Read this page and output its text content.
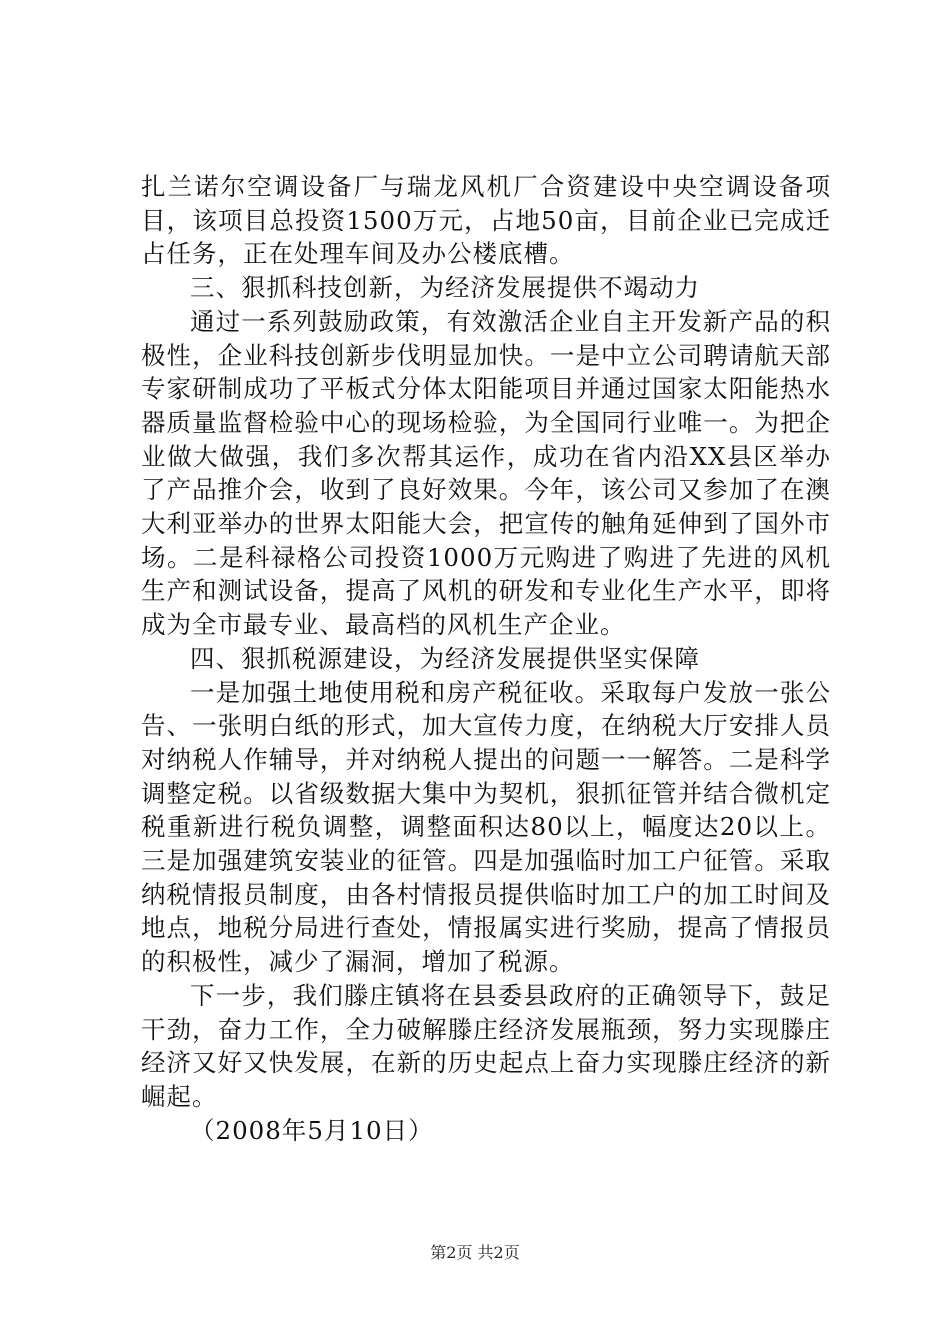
扎兰诺尔空调设备厂与瑞龙风机厂合资建设中央空调设备项目，该项目总投资1500万元，占地50亩，目前企业已完成迁占任务，正在处理车间及办公楼底槽。

三、狠抓科技创新，为经济发展提供不竭动力

通过一系列鼓励政策，有效激活企业自主开发新产品的积极性，企业科技创新步伐明显加快。一是中立公司聘请航天部专家研制成功了平板式分体太阳能项目并通过国家太阳能热水器质量监督检验中心的现场检验，为全国同行业唯一。为把企业做大做强，我们多次帮其运作，成功在省内沿XX县区举办了产品推介会，收到了良好效果。今年，该公司又参加了在澳大利亚举办的世界太阳能大会，把宣传的触角延伸到了国外市场。二是科禄格公司投资1000万元购进了购进了先进的风机生产和测试设备，提高了风机的研发和专业化生产水平，即将成为全市最专业、最高档的风机生产企业。

四、狠抓税源建设，为经济发展提供坚实保障

一是加强土地使用税和房产税征收。采取每户发放一张公告、一张明白纸的形式，加大宣传力度，在纳税大厅安排人员对纳税人作辅导，并对纳税人提出的问题一一解答。二是科学调整定税。以省级数据大集中为契机，狠抓征管并结合微机定税重新进行税负调整，调整面积达80以上，幅度达20以上。三是加强建筑安装业的征管。四是加强临时加工户征管。采取纳税情报员制度，由各村情报员提供临时加工户的加工时间及地点，地税分局进行查处，情报属实进行奖励，提高了情报员的积极性，减少了漏洞，增加了税源。

下一步，我们滕庄镇将在县委县政府的正确领导下，鼓足干劲，奋力工作，全力破解滕庄经济发展瓶颈，努力实现滕庄经济又好又快发展，在新的历史起点上奋力实现滕庄经济的新崛起。

（2008年5月10日）

第2页 共2页
